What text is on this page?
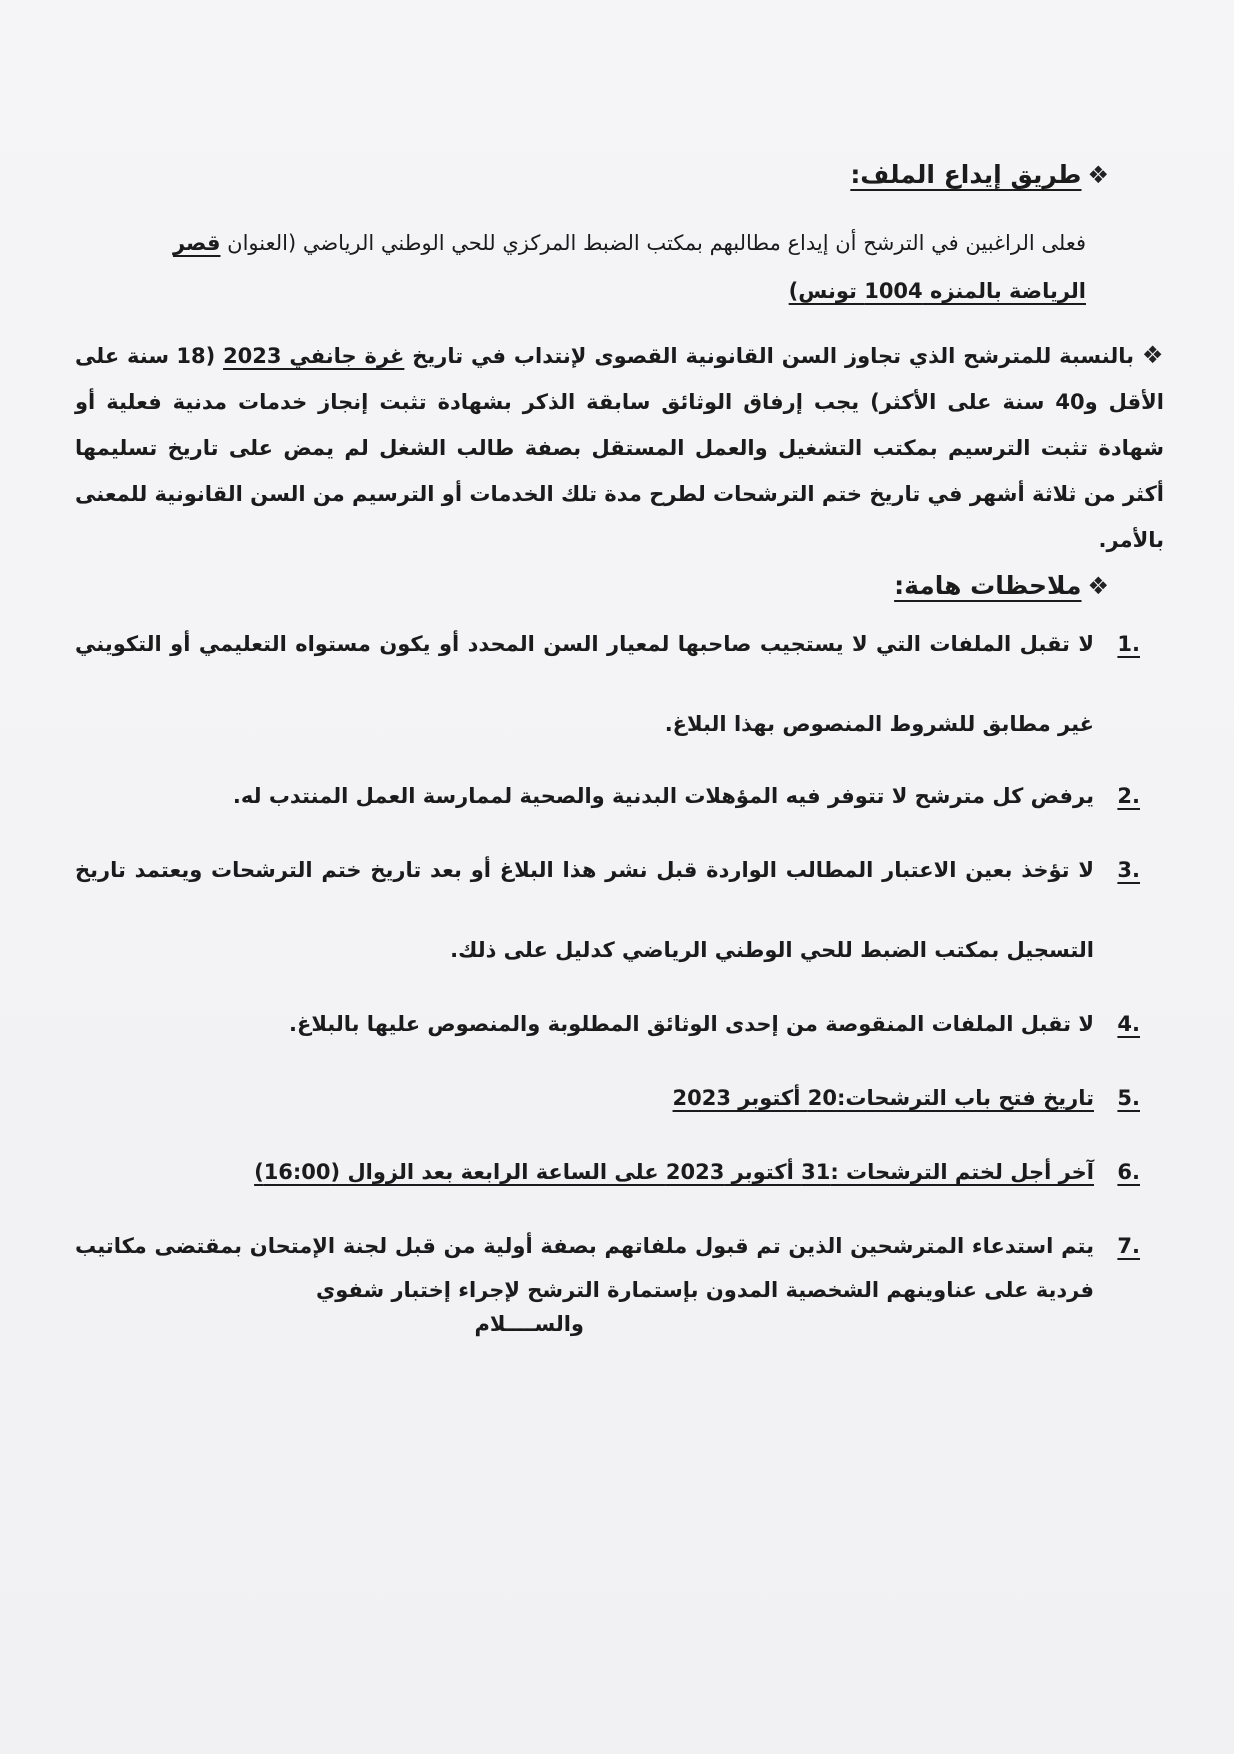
❖
طريق إيداع الملف:
فعلى الراغبين في الترشح أن إيداع مطالبهم بمكتب الضبط المركزي للحي الوطني الرياضي (العنوان قصر
الرياضة بالمنزه 1004 تونس)
❖ بالنسبة للمترشح الذي تجاوز السن القانونية القصوى لإنتداب في تاريخ غرة جانفي 2023 (18 سنة على الأقل و40 سنة على الأكثر) يجب إرفاق الوثائق سابقة الذكر بشهادة تثبت إنجاز خدمات مدنية فعلية أو شهادة تثبت الترسيم بمكتب التشغيل والعمل المستقل بصفة طالب الشغل لم يمض على تاريخ تسليمها أكثر من ثلاثة أشهر في تاريخ ختم الترشحات لطرح مدة تلك الخدمات أو الترسيم من السن القانونية للمعنى بالأمر.
❖
ملاحظات هامة:
1.
لا تقبل الملفات التي لا يستجيب صاحبها لمعيار السن المحدد أو يكون مستواه التعليمي أو التكويني غير مطابق للشروط المنصوص بهذا البلاغ.
2.
يرفض كل مترشح لا تتوفر فيه المؤهلات البدنية والصحية لممارسة العمل المنتدب له.
3.
لا تؤخذ بعين الاعتبار المطالب الواردة قبل نشر هذا البلاغ أو بعد تاريخ ختم الترشحات ويعتمد تاريخ التسجيل بمكتب الضبط للحي الوطني الرياضي كدليل على ذلك.
4.
لا تقبل الملفات المنقوصة من إحدى الوثائق المطلوبة والمنصوص عليها بالبلاغ.
5.
تاريخ فتح باب الترشحات:20 أكتوبر 2023
6.
آخر أجل لختم الترشحات :31 أكتوبر 2023 على الساعة الرابعة بعد الزوال (16:00)
7.
يتم استدعاء المترشحين الذين تم قبول ملفاتهم بصفة أولية من قبل لجنة الإمتحان بمقتضى مكاتيب فردية على عناوينهم الشخصية المدون بإستمارة الترشح لإجراء إختبار شفوي
والســــلام
